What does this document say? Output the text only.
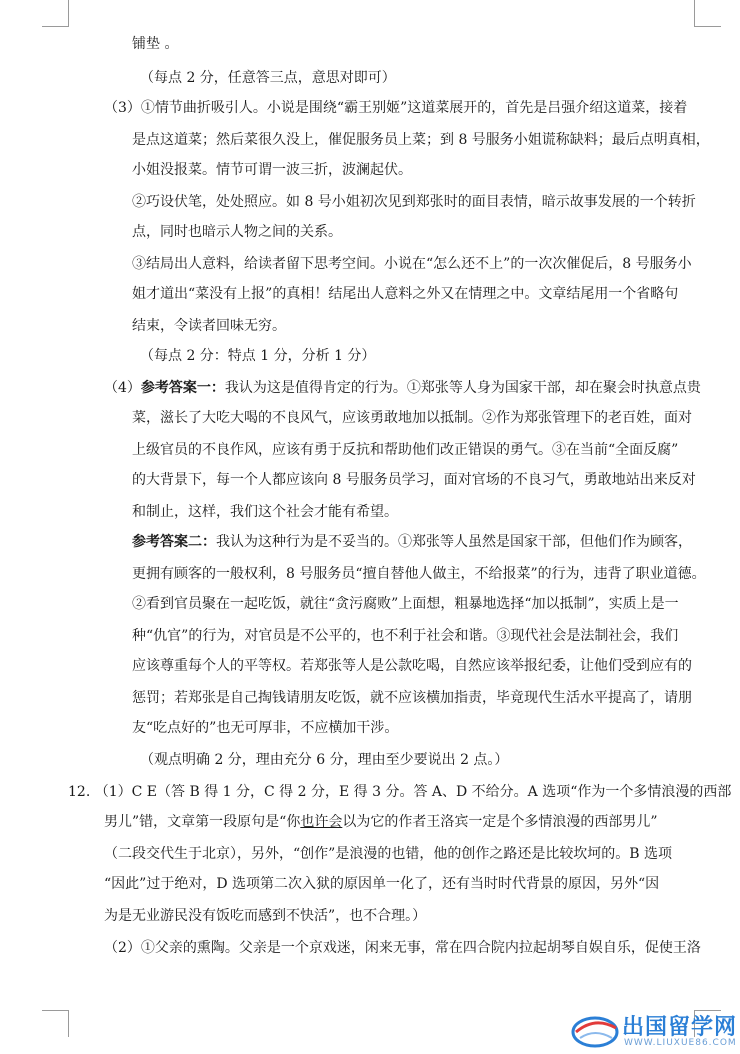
铺垫 。
（每点 2 分，任意答三点，意思对即可）
（3）①情节曲折吸引人。小说是围绕“霸王别姬”这道菜展开的，首先是吕强介绍这道菜，接着
是点这道菜；然后菜很久没上，催促服务员上菜；到 8 号服务小姐谎称缺料；最后点明真相，
小姐没报菜。情节可谓一波三折，波澜起伏。
②巧设伏笔，处处照应。如 8 号小姐初次见到郑张时的面目表情，暗示故事发展的一个转折
点，同时也暗示人物之间的关系。
③结局出人意料，给读者留下思考空间。小说在“怎么还不上”的一次次催促后，8 号服务小
姐才道出“菜没有上报”的真相！结尾出人意料之外又在情理之中。文章结尾用一个省略句
结束，令读者回味无穷。
（每点 2 分：特点 1 分，分析 1 分）
（4）参考答案一：我认为这是值得肯定的行为。①郑张等人身为国家干部，却在聚会时执意点贵
菜，滋长了大吃大喝的不良风气，应该勇敢地加以抵制。②作为郑张管理下的老百姓，面对
上级官员的不良作风，应该有勇于反抗和帮助他们改正错误的勇气。③在当前“全面反腐”
的大背景下，每一个人都应该向 8 号服务员学习，面对官场的不良习气，勇敢地站出来反对
和制止，这样，我们这个社会才能有希望。
参考答案二：我认为这种行为是不妥当的。①郑张等人虽然是国家干部，但他们作为顾客，
更拥有顾客的一般权利，8 号服务员“擅自替他人做主，不给报菜”的行为，违背了职业道德。
②看到官员聚在一起吃饭，就往“贪污腐败”上面想，粗暴地选择“加以抵制”，实质上是一
种“仇官”的行为，对官员是不公平的，也不利于社会和谐。③现代社会是法制社会，我们
应该尊重每个人的平等权。若郑张等人是公款吃喝，自然应该举报纪委，让他们受到应有的
惩罚；若郑张是自己掏钱请朋友吃饭，就不应该横加指责，毕竟现代生活水平提高了，请朋
友“吃点好的”也无可厚非，不应横加干涉。
（观点明确 2 分，理由充分 6 分，理由至少要说出 2 点。）
12. （1）C E（答 B 得 1 分，C 得 2 分，E 得 3 分。答 A、D 不给分。A 选项“作为一个多情浪漫的西部
男儿”错，文章第一段原句是“你也许会以为它的作者王洛宾一定是个多情浪漫的西部男儿”
（二段交代生于北京），另外，“创作”是浪漫的也错，他的创作之路还是比较坎坷的。B 选项
“因此”过于绝对，D 选项第二次入狱的原因单一化了，还有当时时代背景的原因，另外“因
为是无业游民没有饭吃而感到不快活”，也不合理。）
（2）①父亲的熏陶。父亲是一个京戏迷，闲来无事，常在四合院内拉起胡琴自娱自乐，促使王洛
出国留学网
WWW.LIUXUE86.COM
